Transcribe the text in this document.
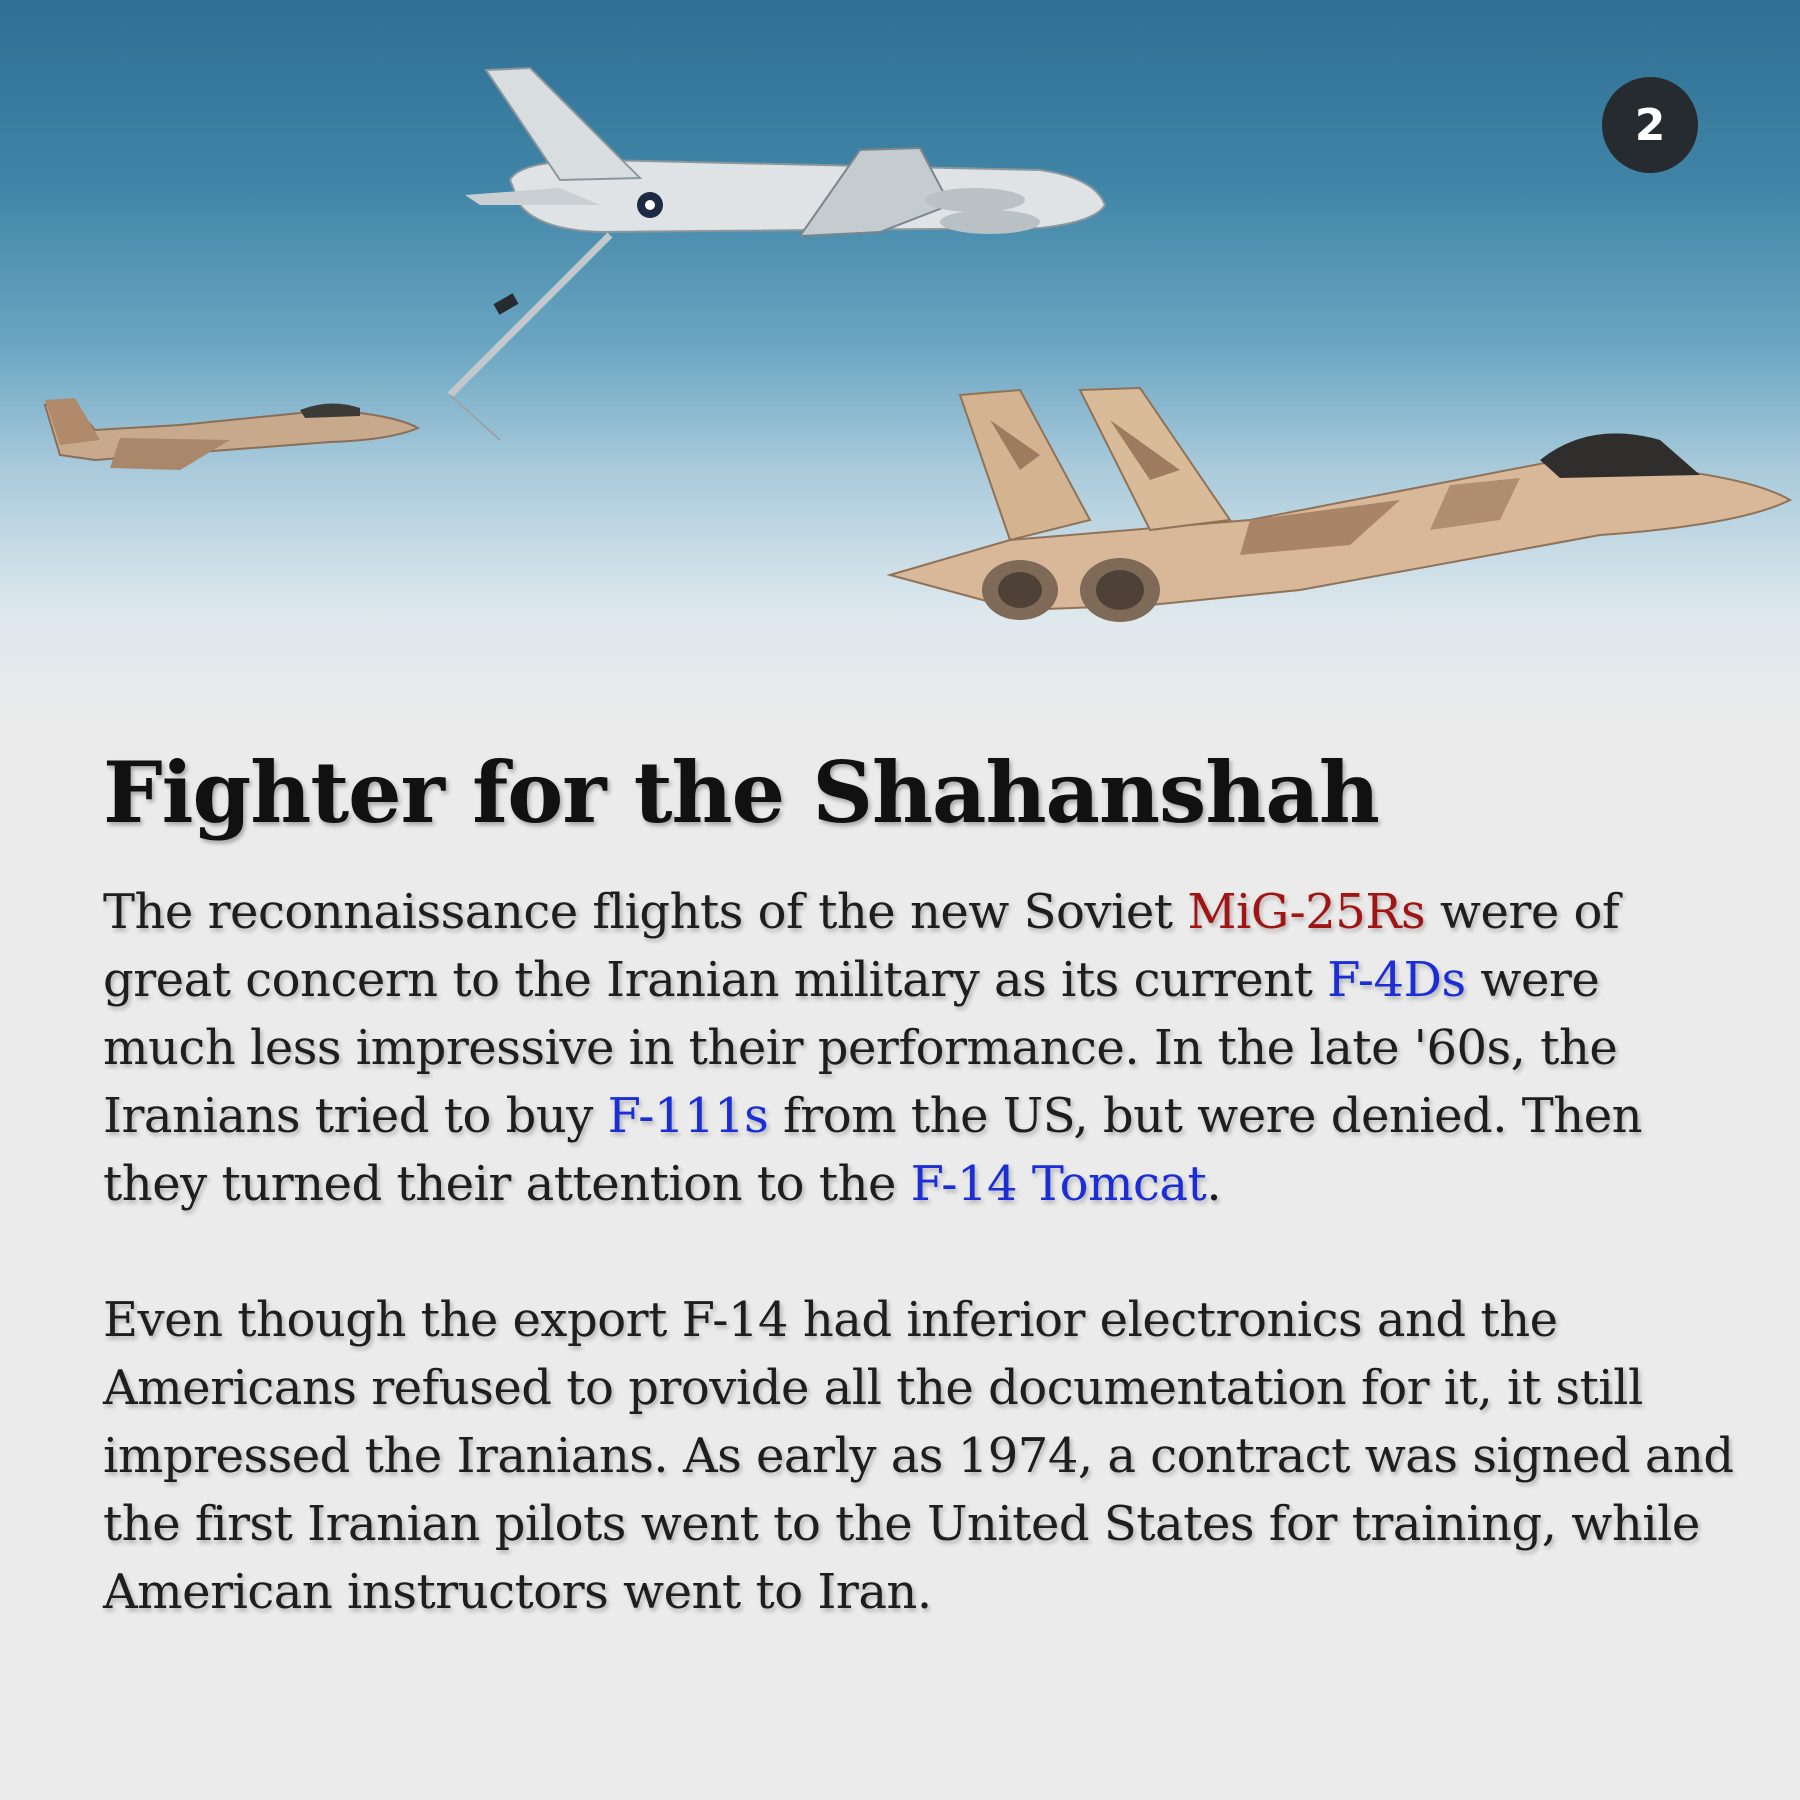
2
Fighter for the Shahanshah

The reconnaissance flights of the new Soviet MiG-25Rs were of great concern to the Iranian military as its current F-4Ds were much less impressive in their performance. In the late '60s, the Iranians tried to buy F-111s from the US, but were denied. Then they turned their attention to the F-14 Tomcat.

Even though the export F-14 had inferior electronics and the Americans refused to provide all the documentation for it, it still impressed the Iranians. As early as 1974, a contract was signed and the first Iranian pilots went to the United States for training, while American instructors went to Iran.
